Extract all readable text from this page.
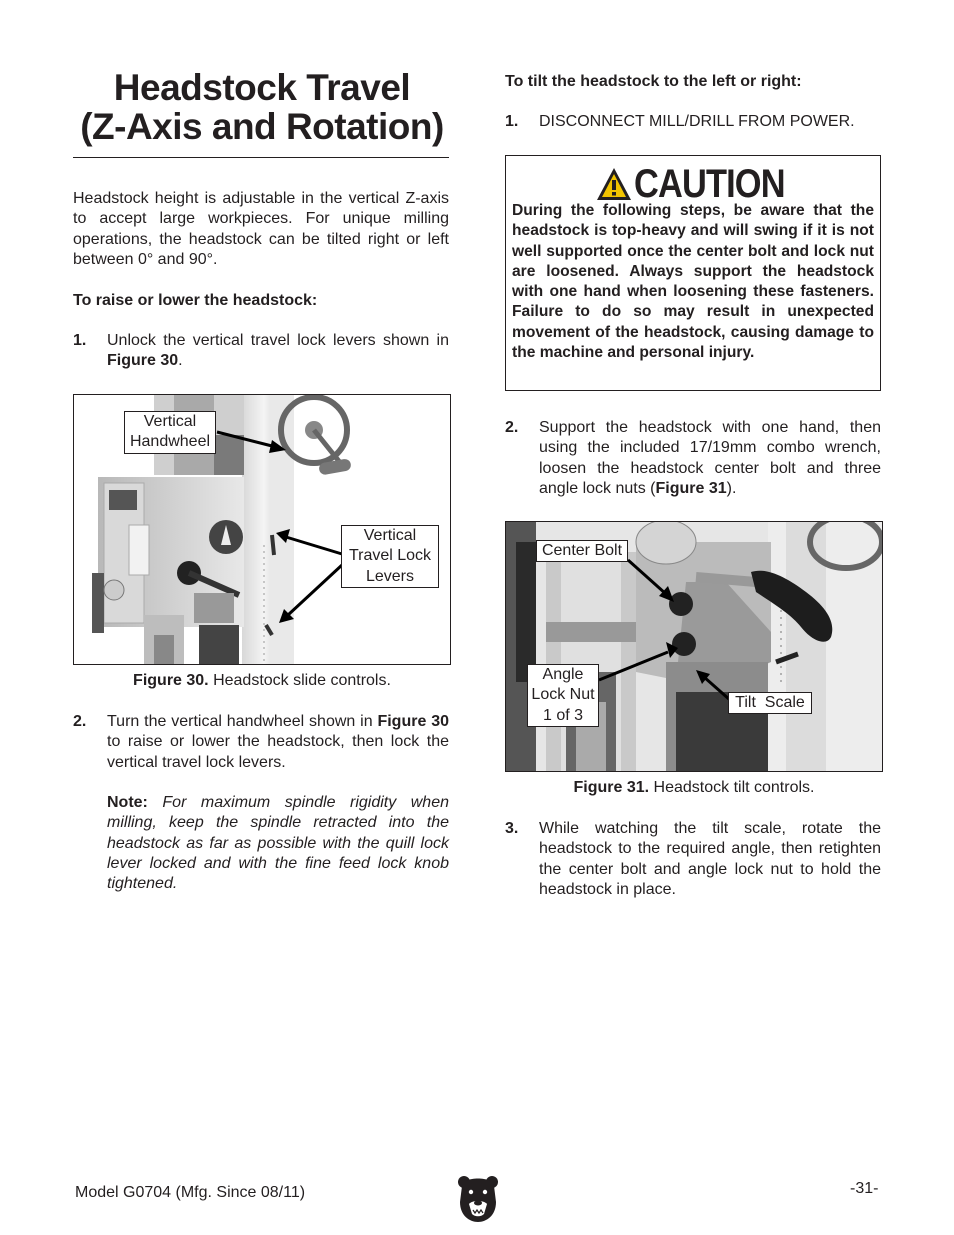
Headstock Travel
(Z-Axis and Rotation)
Headstock height is adjustable in the vertical Z-axis to accept large workpieces. For unique milling operations, the headstock can be tilted right or left between 0° and 90°.
To raise or lower the headstock:
1.	Unlock the vertical travel lock levers shown in Figure 30.
Vertical
Handwheel
Vertical
Travel Lock
Levers
Figure 30. Headstock slide controls.
2.	Turn the vertical handwheel shown in Figure 30 to raise or lower the headstock, then lock the vertical travel lock levers.
Note: For maximum spindle rigidity when milling, keep the spindle retracted into the headstock as far as possible with the quill lock lever locked and with the fine feed lock knob tightened.
To tilt the headstock to the left or right:
1.	DISCONNECT MILL/DRILL FROM POWER.
CAUTION
During the following steps, be aware that the headstock is top-heavy and will swing if it is not well supported once the center bolt and lock nut are loosened. Always support the headstock with one hand when loosening these fasteners. Failure to do so may result in unexpected movement of the headstock, causing damage to the machine and personal injury.
2.	Support the headstock with one hand, then using the included 17/19mm combo wrench, loosen the headstock center bolt and three angle lock nuts (Figure 31).
Center Bolt
Angle
Lock Nut
1 of 3
Tilt  Scale
Figure 31. Headstock tilt controls.
3.	While watching the tilt scale, rotate the headstock to the required angle, then retighten the center bolt and angle lock nut to hold the headstock in place.
Model G0704 (Mfg. Since 08/11)	-31-
